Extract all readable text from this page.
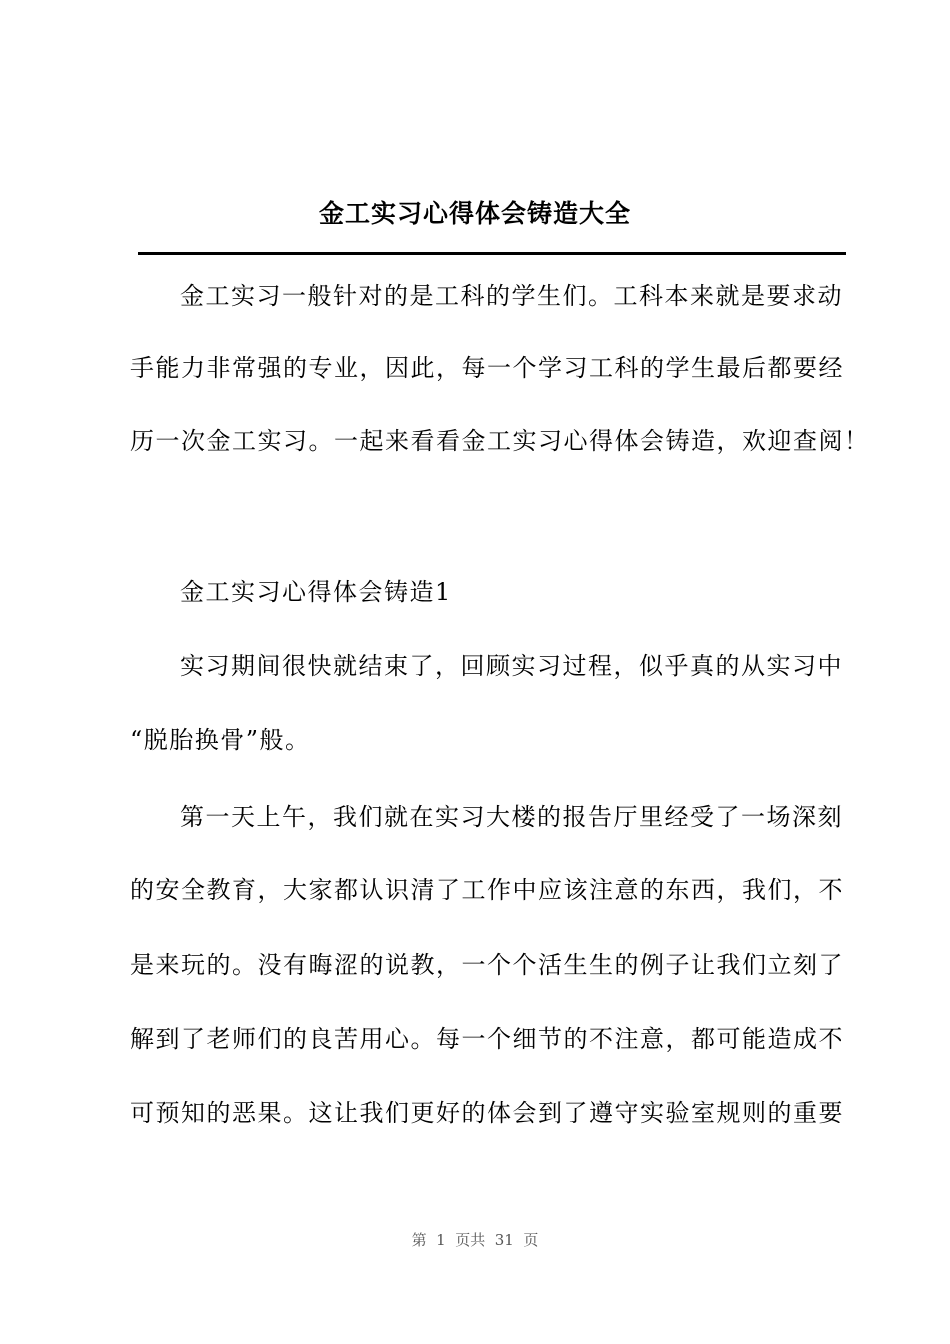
金工实习心得体会铸造大全

金工实习一般针对的是工科的学生们。工科本来就是要求动

手能力非常强的专业，因此，每一个学习工科的学生最后都要经

历一次金工实习。一起来看看金工实习心得体会铸造，欢迎查阅！

金工实习心得体会铸造1

实习期间很快就结束了，回顾实习过程，似乎真的从实习中

“脱胎换骨”般。

第一天上午，我们就在实习大楼的报告厅里经受了一场深刻

的安全教育，大家都认识清了工作中应该注意的东西，我们，不

是来玩的。没有晦涩的说教，一个个活生生的例子让我们立刻了

解到了老师们的良苦用心。每一个细节的不注意，都可能造成不

可预知的恶果。这让我们更好的体会到了遵守实验室规则的重要

第  1  页共  31  页
